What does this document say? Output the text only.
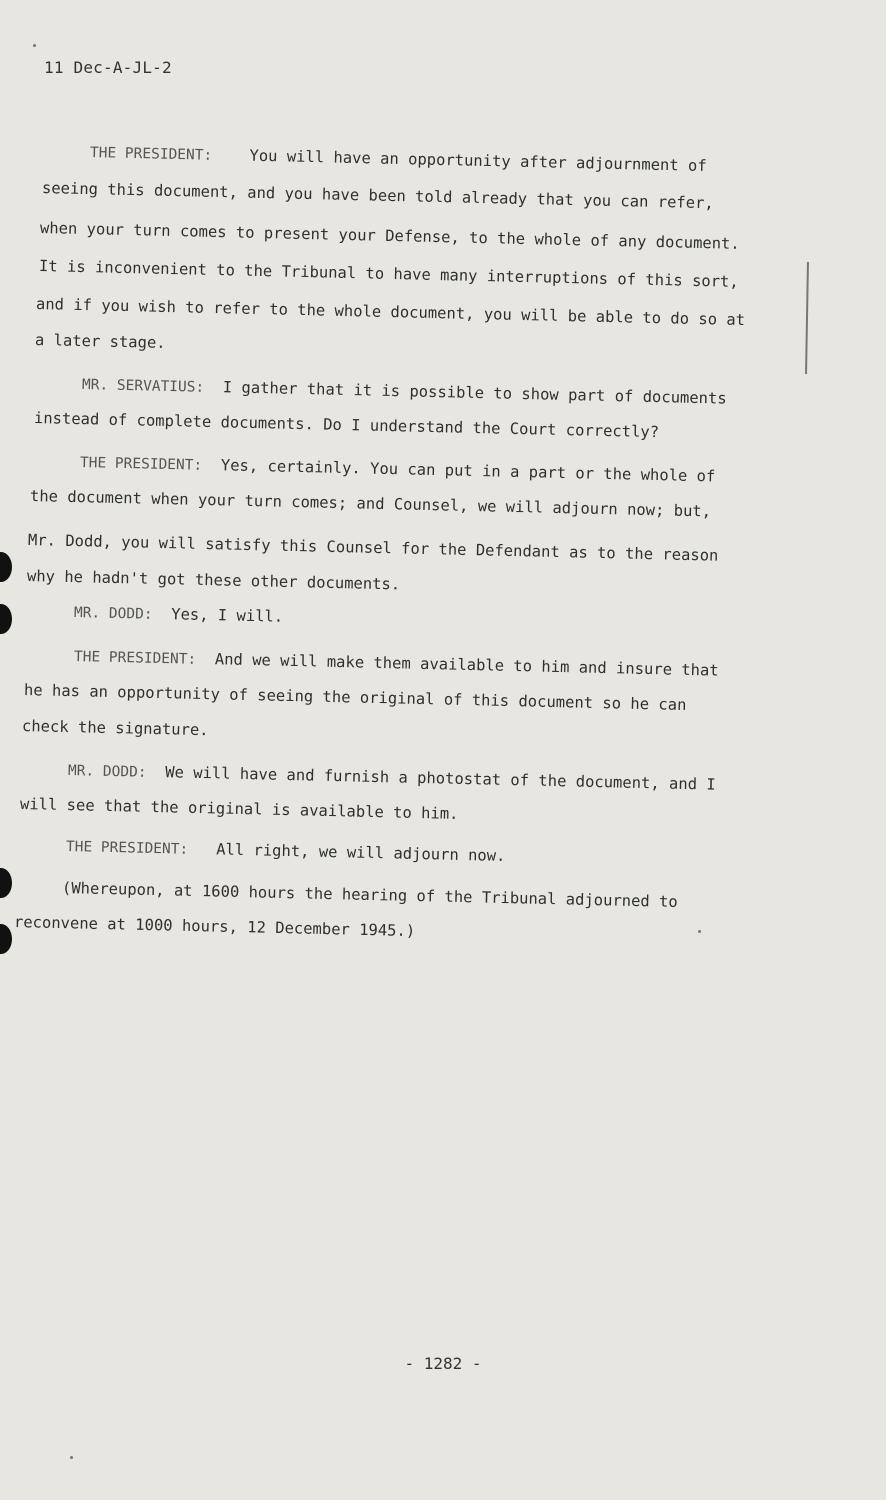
11 Dec-A-JL-2
THE PRESIDENT: You will have an opportunity after adjournment of
seeing this document, and you have been told already that you can refer,
when your turn comes to present your Defense, to the whole of any document.
It is inconvenient to the Tribunal to have many interruptions of this sort,
and if you wish to refer to the whole document, you will be able to do so at
a later stage.
MR. SERVATIUS: I gather that it is possible to show part of documents
instead of complete documents. Do I understand the Court correctly?
THE PRESIDENT: Yes, certainly. You can put in a part or the whole of
the document when your turn comes; and Counsel, we will adjourn now; but,
Mr. Dodd, you will satisfy this Counsel for the Defendant as to the reason
why he hadn't got these other documents.
MR. DODD: Yes, I will.
THE PRESIDENT: And we will make them available to him and insure that
he has an opportunity of seeing the original of this document so he can
check the signature.
MR. DODD: We will have and furnish a photostat of the document, and I
will see that the original is available to him.
THE PRESIDENT: All right, we will adjourn now.
(Whereupon, at 1600 hours the hearing of the Tribunal adjourned to
reconvene at 1000 hours, 12 December 1945.)
- 1282 -
